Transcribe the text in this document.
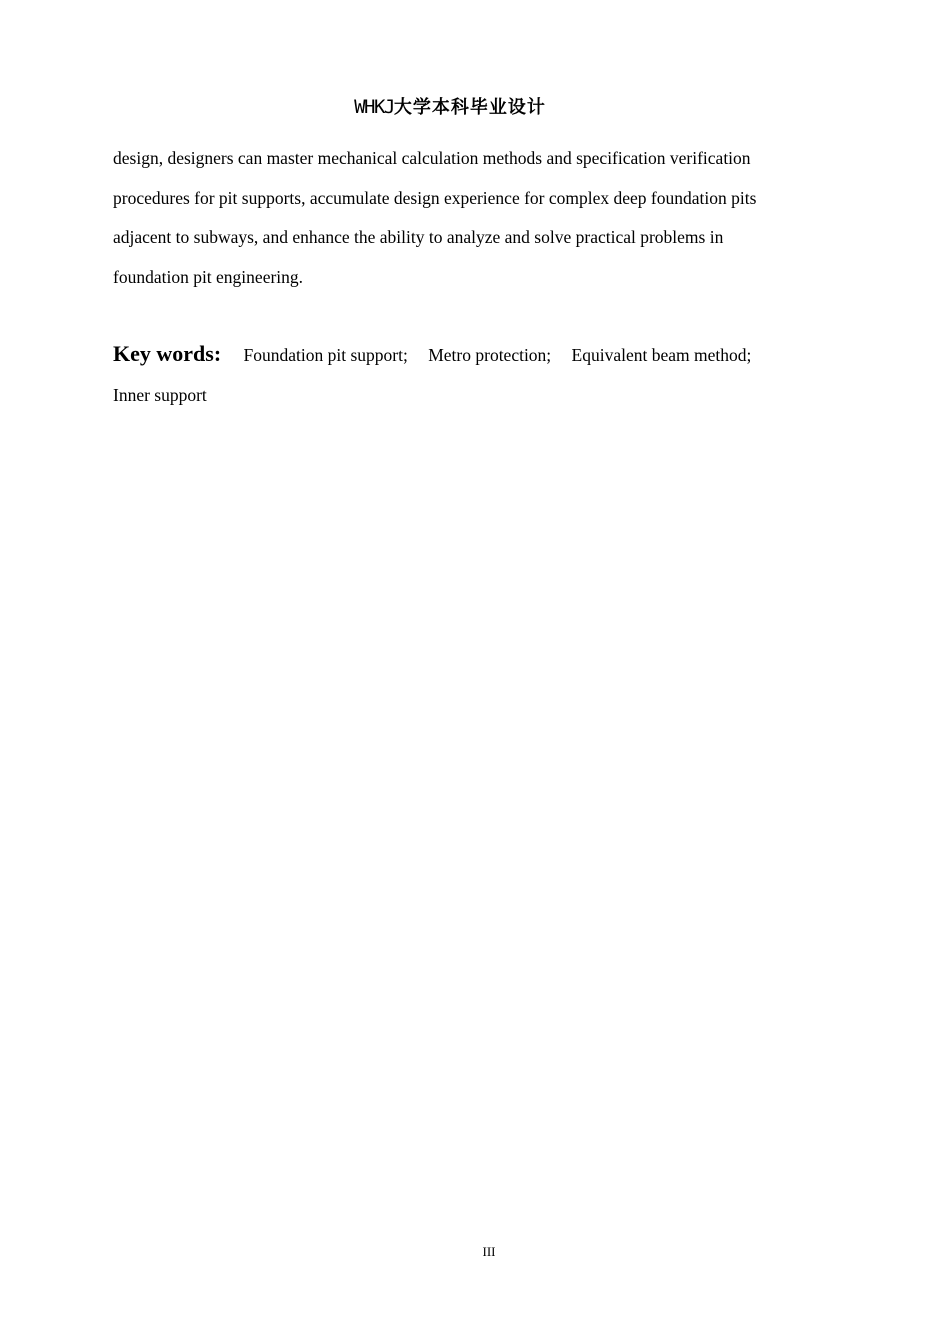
WHKJ大学本科毕业设计
design, designers can master mechanical calculation methods and specification verification
procedures for pit supports, accumulate design experience for complex deep foundation pits
adjacent to subways, and enhance the ability to analyze and solve practical problems in
foundation pit engineering.
Key words: Foundation pit support; Metro protection; Equivalent beam method;
Inner support
III
